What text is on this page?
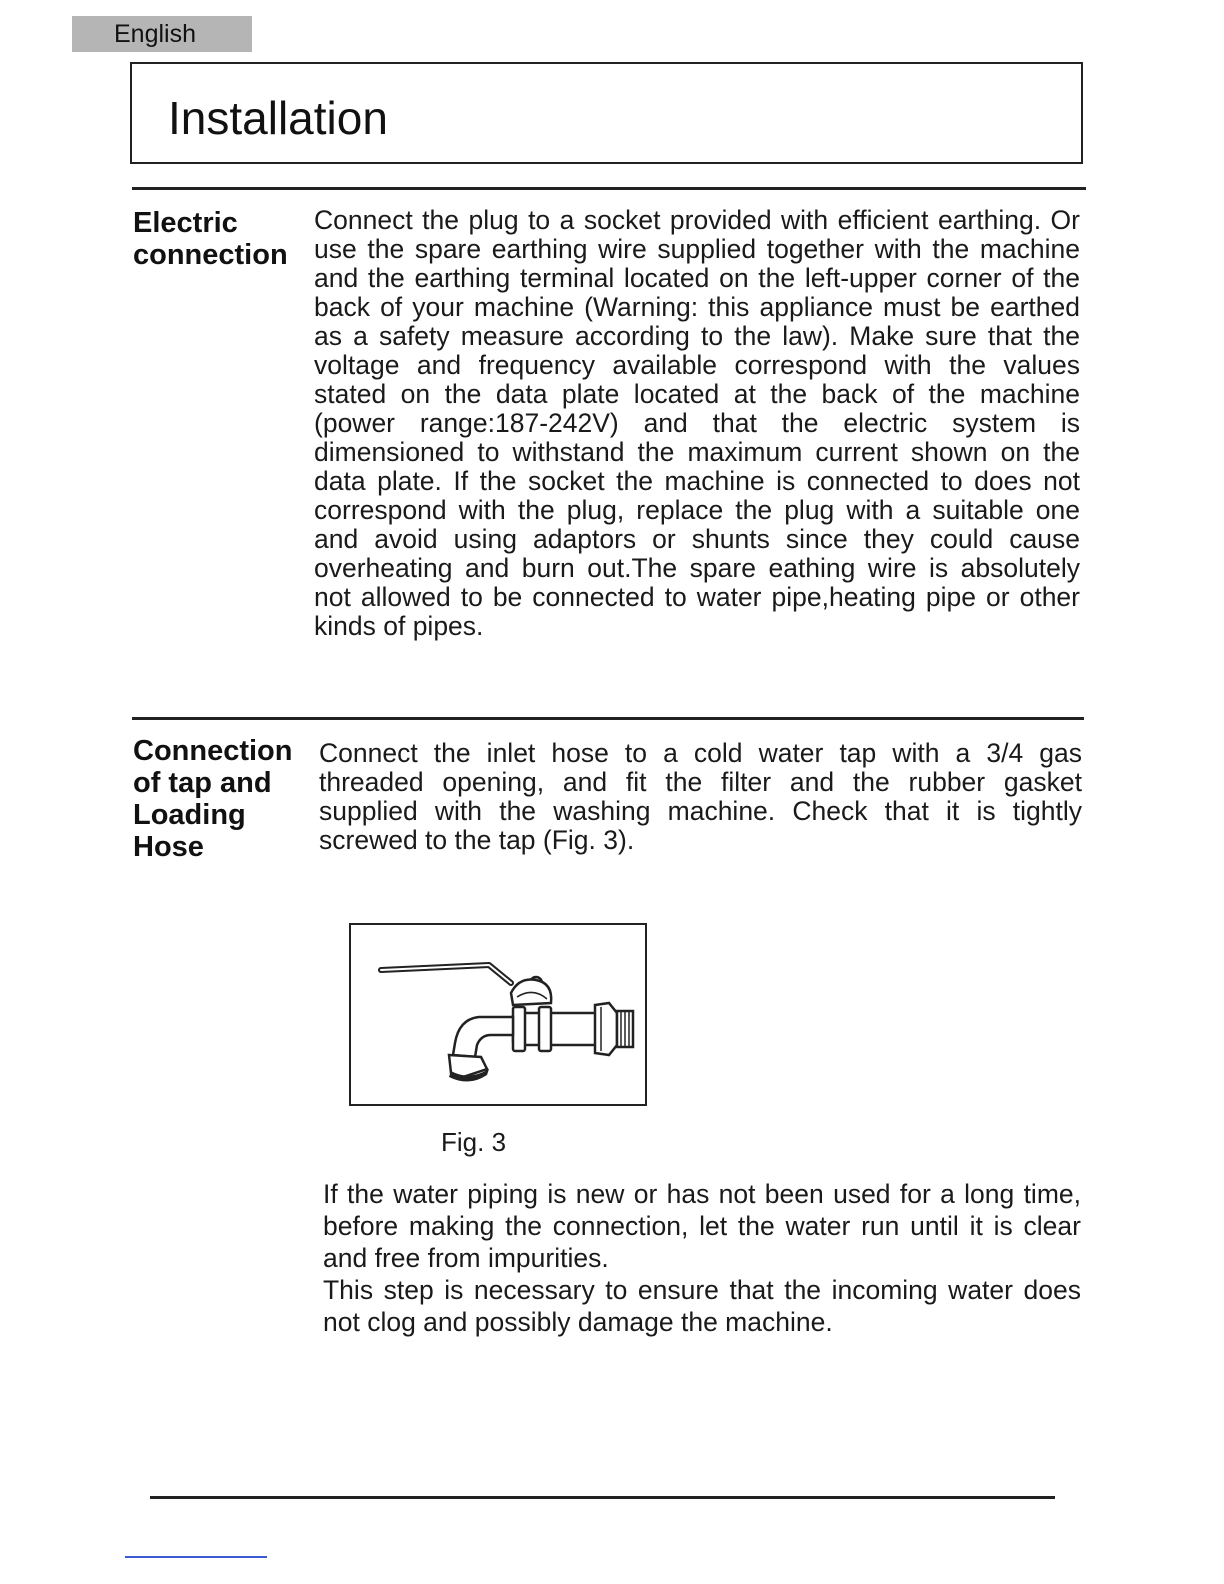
English
Installation
Electric
connection
Connect the plug to a socket provided with efficient earthing. Or use the spare earthing wire supplied together with the machine and the earthing terminal located on the left-upper corner of the back of your machine (Warning: this appliance must be earthed as a safety measure according to the law). Make sure that the voltage and frequency available correspond with the values stated on the data plate located at the back of the machine (power range:187-242V) and that the electric system is dimensioned to withstand the maximum current shown on the data plate. If the socket the machine is connected to does not correspond with the plug, replace the plug with a suitable one and avoid using adaptors or shunts since they could cause overheating and burn out.The spare eathing wire is absolutely not allowed to be connected to water pipe,heating pipe or other kinds of pipes.
Connection
of tap and
Loading
Hose
Connect the inlet hose to a cold water tap with a 3/4 gas threaded opening, and fit the filter and the rubber gasket supplied with the washing machine. Check that it is tightly screwed to the tap (Fig. 3).
Fig. 3
If the water piping is new or has not been used for a long time, before making the connection, let the water run until it is clear and free from impurities.
This step is necessary to ensure that the incoming water does not clog and possibly damage the machine.
